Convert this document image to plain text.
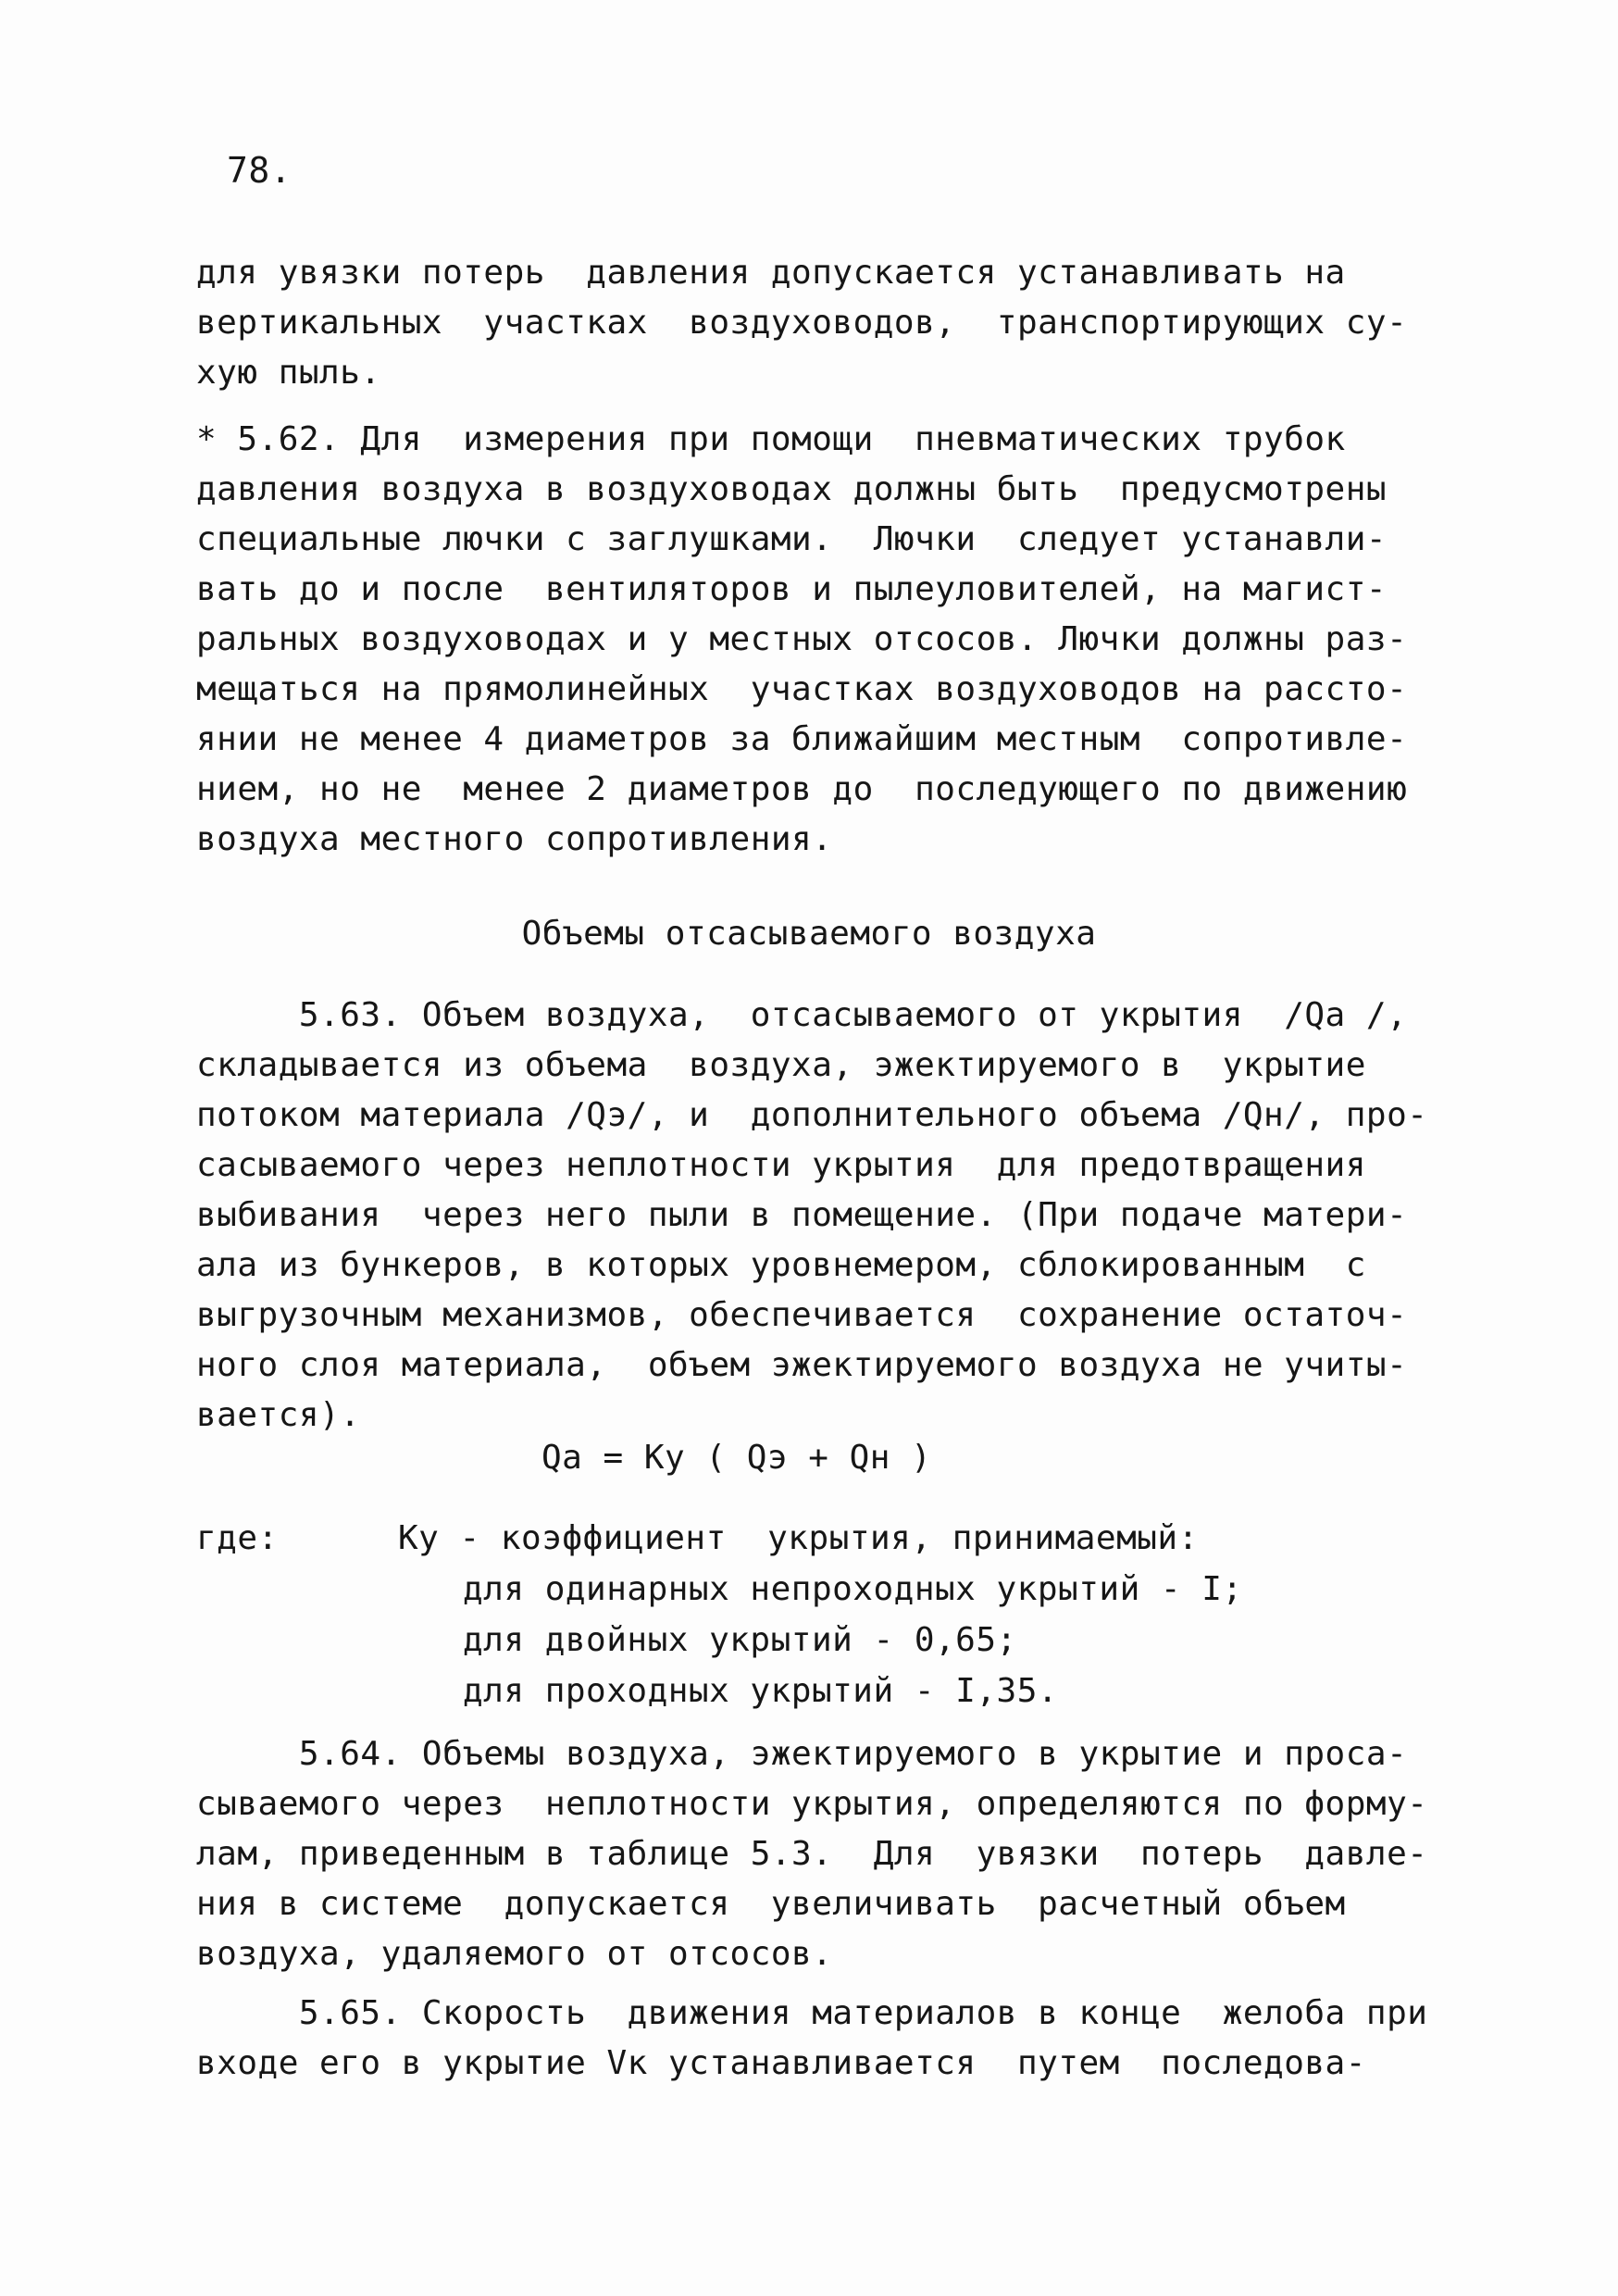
78.
для увязки потерь  давления допускается устанавливать на
вертикальных  участках  воздуховодов,  транспортирующих су-
хую пыль.
* 5.62. Для  измерения при помощи  пневматических трубок
давления воздуха в воздуховодах должны быть  предусмотрены
специальные лючки с заглушками.  Лючки  следует устанавли-
вать до и после  вентиляторов и пылеуловителей, на магист-
ральных воздуховодах и у местных отсосов. Лючки должны раз-
мещаться на прямолинейных  участках воздуховодов на рассто-
янии не менее 4 диаметров за ближайшим местным  сопротивле-
нием, но не  менее 2 диаметров до  последующего по движению
воздуха местного сопротивления.
Объемы отсасываемого воздуха
5.63. Объем воздуха,  отсасываемого от укрытия  /Qа /,
складывается из объема  воздуха, эжектируемого в  укрытие
потоком материала /Qэ/, и  дополнительного объема /Qн/, про-
сасываемого через неплотности укрытия  для предотвращения
выбивания  через него пыли в помещение. (При подаче матери-
ала из бункеров, в которых уровнемером, сблокированным  с
выгрузочным механизмов, обеспечивается  сохранение остаточ-
ного слоя материала,  объем эжектируемого воздуха не учиты-
вается).
Qа = Ку ( Qэ + Qн )
где:	Ку - коэффициент  укрытия, принимаемый:
для одинарных непроходных укрытий - I;
для двойных укрытий - 0,65;
для проходных укрытий - I,35.
5.64. Объемы воздуха, эжектируемого в укрытие и проса-
сываемого через  неплотности укрытия, определяются по форму-
лам, приведенным в таблице 5.3.  Для  увязки  потерь  давле-
ния в системе  допускается  увеличивать  расчетный объем
воздуха, удаляемого от отсосов.
5.65. Скорость  движения материалов в конце  желоба при
входе его в укрытие Vк устанавливается  путем  последова-
